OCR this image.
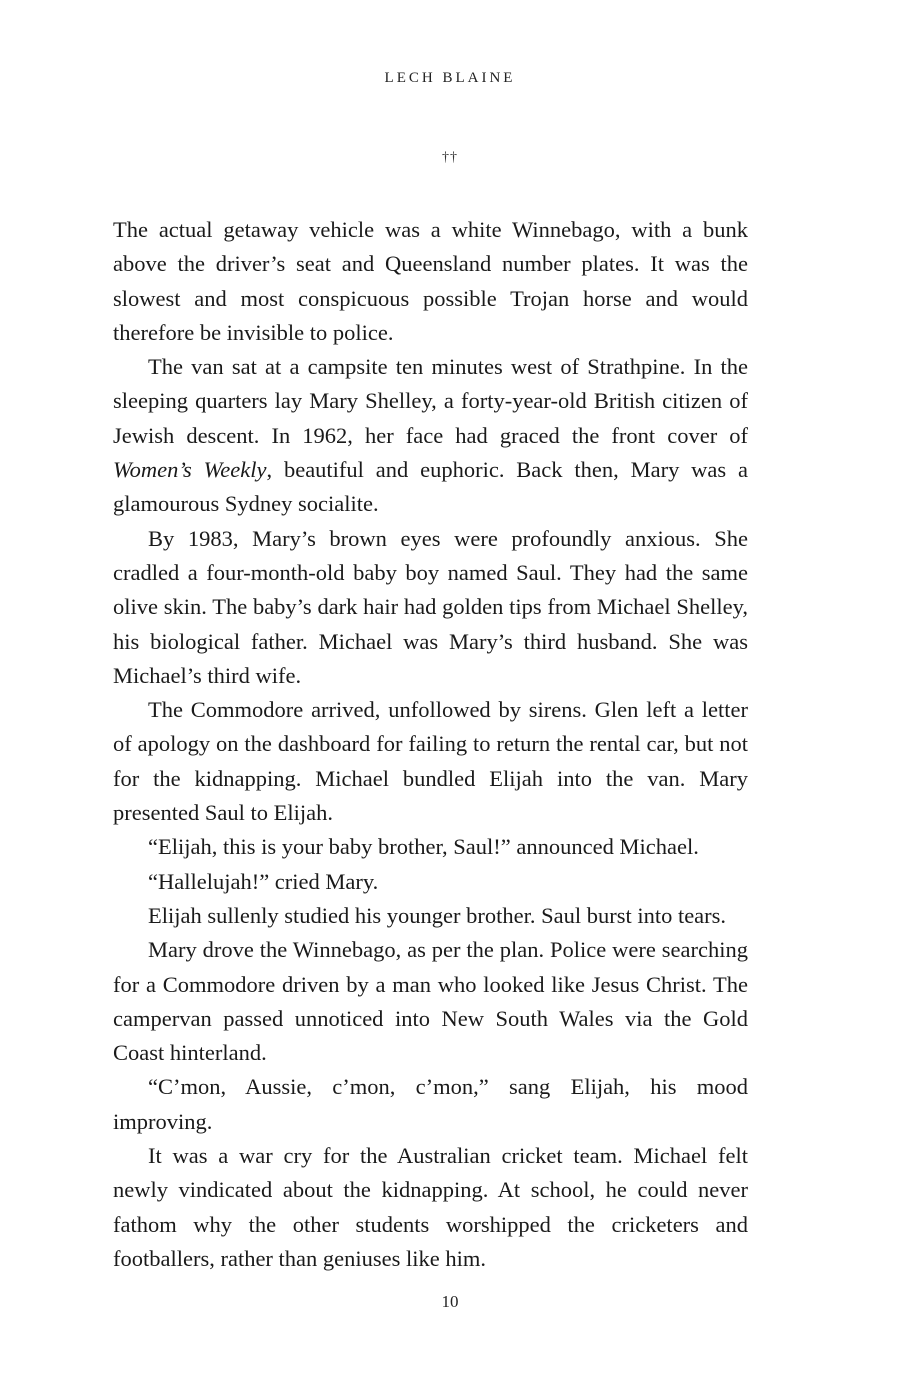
LECH BLAINE
††

The actual getaway vehicle was a white Winnebago, with a bunk above the driver’s seat and Queensland number plates. It was the slowest and most conspicuous possible Trojan horse and would therefore be invisible to police.

The van sat at a campsite ten minutes west of Strathpine. In the sleeping quarters lay Mary Shelley, a forty-year-old British citizen of Jewish descent. In 1962, her face had graced the front cover of Women’s Weekly, beautiful and euphoric. Back then, Mary was a glamourous Sydney socialite.

By 1983, Mary’s brown eyes were profoundly anxious. She cradled a four-month-old baby boy named Saul. They had the same olive skin. The baby’s dark hair had golden tips from Michael Shelley, his biological father. Michael was Mary’s third husband. She was Michael’s third wife.

The Commodore arrived, unfollowed by sirens. Glen left a letter of apology on the dashboard for failing to return the rental car, but not for the kidnapping. Michael bundled Elijah into the van. Mary presented Saul to Elijah.

“Elijah, this is your baby brother, Saul!” announced Michael.

“Hallelujah!” cried Mary.

Elijah sullenly studied his younger brother. Saul burst into tears.

Mary drove the Winnebago, as per the plan. Police were searching for a Commodore driven by a man who looked like Jesus Christ. The campervan passed unnoticed into New South Wales via the Gold Coast hinterland.

“C’mon, Aussie, c’mon, c’mon,” sang Elijah, his mood improving.

It was a war cry for the Australian cricket team. Michael felt newly vindicated about the kidnapping. At school, he could never fathom why the other students worshipped the cricketers and footballers, rather than geniuses like him.

10
